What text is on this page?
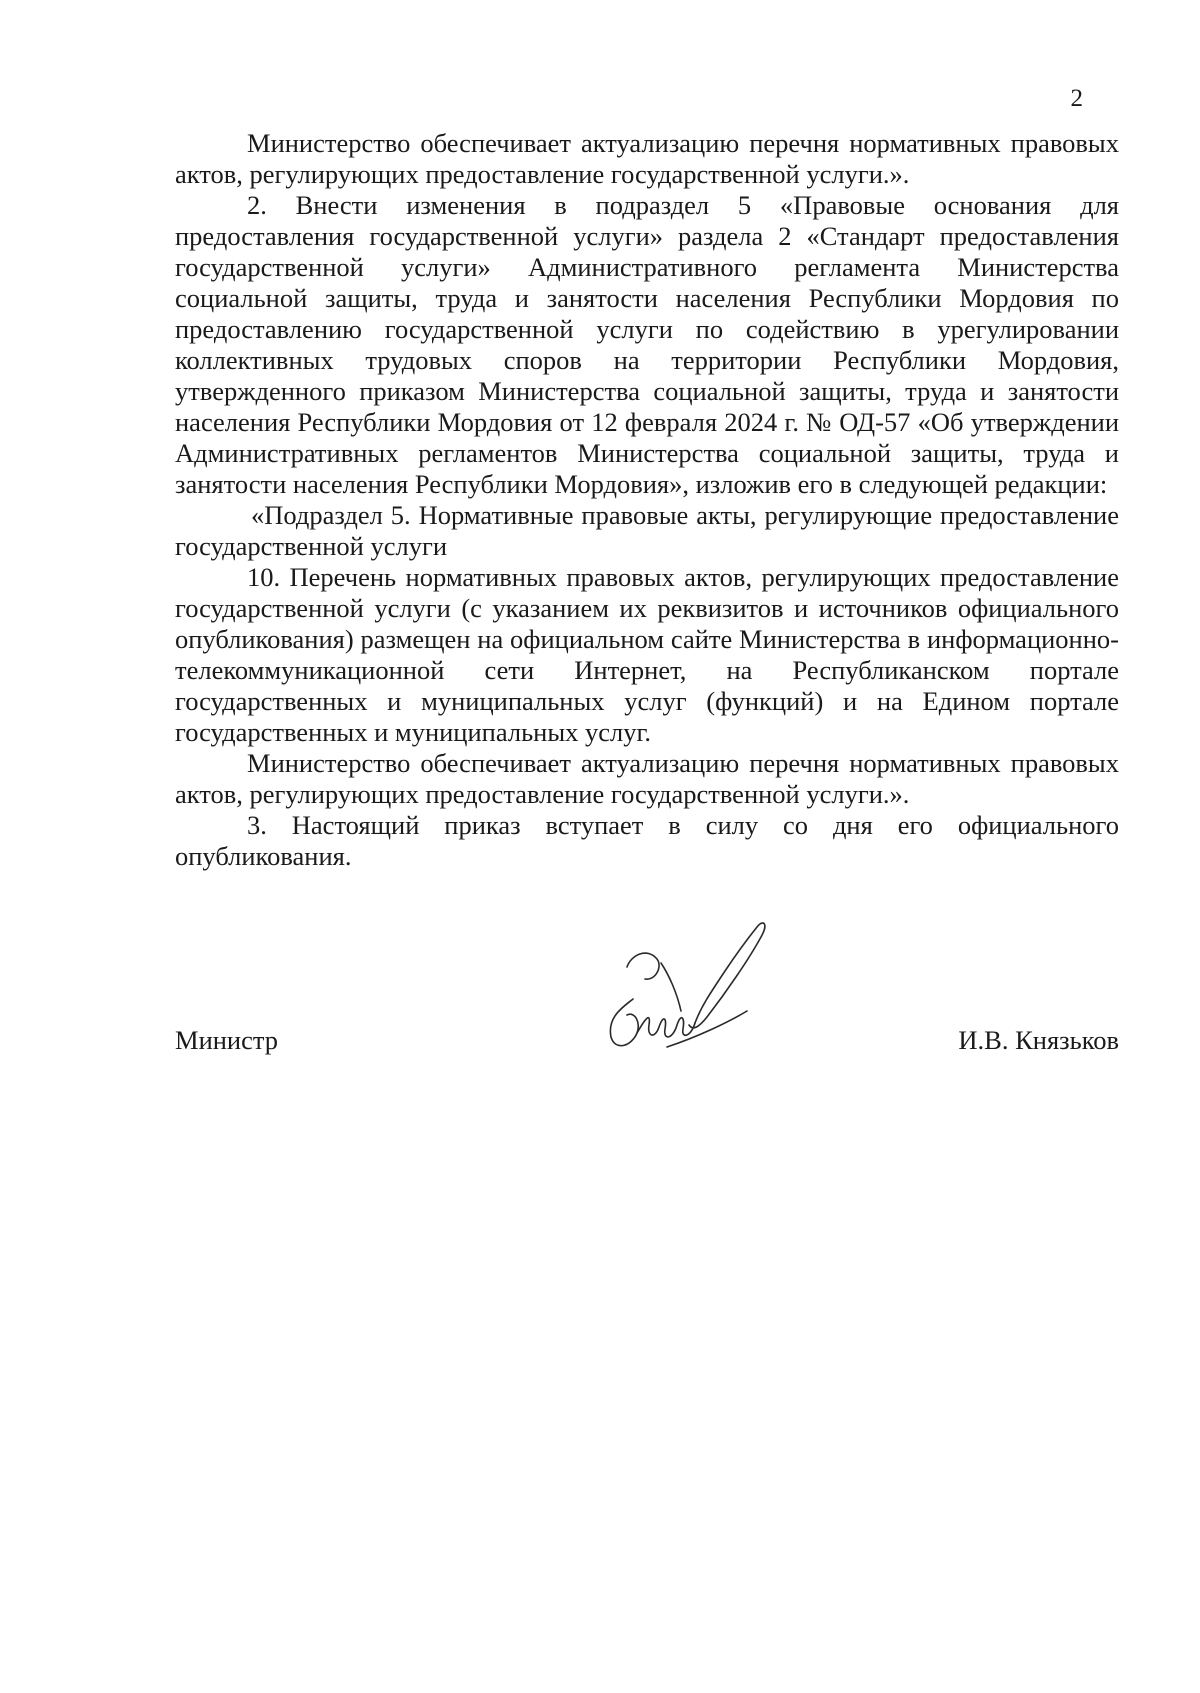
2

Министерство обеспечивает актуализацию перечня нормативных правовых актов, регулирующих предоставление государственной услуги.».

2. Внести изменения в подраздел 5 «Правовые основания для предоставления государственной услуги» раздела 2 «Стандарт предоставления государственной услуги» Административного регламента Министерства социальной защиты, труда и занятости населения Республики Мордовия по предоставлению государственной услуги по содействию в урегулировании коллективных трудовых споров на территории Республики Мордовия, утвержденного приказом Министерства социальной защиты, труда и занятости населения Республики Мордовия от 12 февраля 2024 г. № ОД-57 «Об утверждении Административных регламентов Министерства социальной защиты, труда и занятости населения Республики Мордовия», изложив его в следующей редакции:

«Подраздел 5. Нормативные правовые акты, регулирующие предоставление государственной услуги

10. Перечень нормативных правовых актов, регулирующих предоставление государственной услуги (с указанием их реквизитов и источников официального опубликования) размещен на официальном сайте Министерства в информационно-телекоммуникационной сети Интернет, на Республиканском портале государственных и муниципальных услуг (функций) и на Едином портале государственных и муниципальных услуг.

Министерство обеспечивает актуализацию перечня нормативных правовых актов, регулирующих предоставление государственной услуги.».

3. Настоящий приказ вступает в силу со дня его официального опубликования.

Министр	И.В. Князьков
